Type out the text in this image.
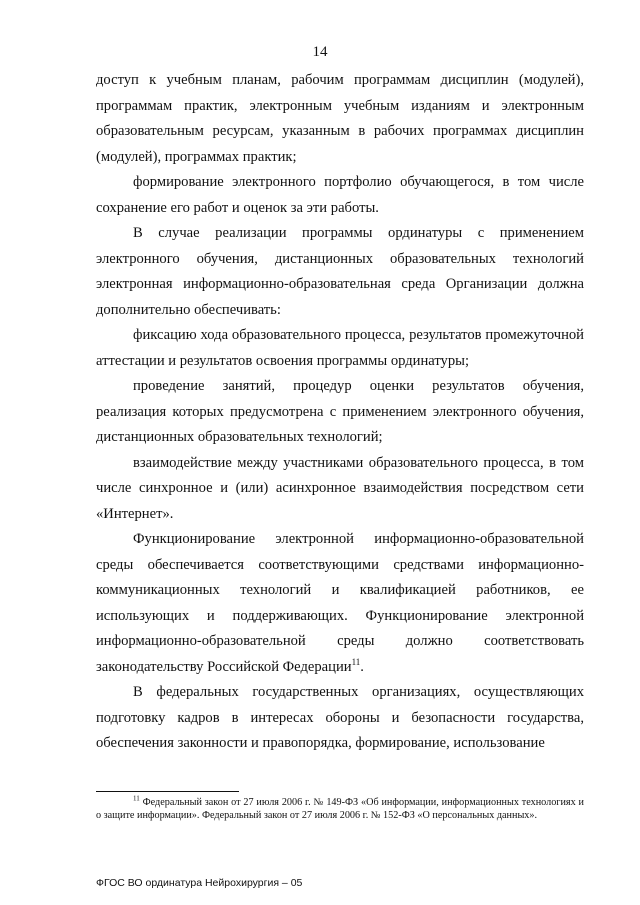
14

доступ к учебным планам, рабочим программам дисциплин (модулей), программам практик, электронным учебным изданиям и электронным образовательным ресурсам, указанным в рабочих программах дисциплин (модулей), программах практик;

формирование электронного портфолио обучающегося, в том числе сохранение его работ и оценок за эти работы.

В случае реализации программы ординатуры с применением электронного обучения, дистанционных образовательных технологий электронная информационно-образовательная среда Организации должна дополнительно обеспечивать:

фиксацию хода образовательного процесса, результатов промежуточной аттестации и результатов освоения программы ординатуры;

проведение занятий, процедур оценки результатов обучения, реализация которых предусмотрена с применением электронного обучения, дистанционных образовательных технологий;

взаимодействие между участниками образовательного процесса, в том числе синхронное и (или) асинхронное взаимодействия посредством сети «Интернет».

Функционирование электронной информационно-образовательной среды обеспечивается соответствующими средствами информационно-коммуникационных технологий и квалификацией работников, ее использующих и поддерживающих. Функционирование электронной информационно-образовательной среды должно соответствовать законодательству Российской Федерации$^{11}$.

В федеральных государственных организациях, осуществляющих подготовку кадров в интересах обороны и безопасности государства, обеспечения законности и правопорядка, формирование, использование

$^{11}$ Федеральный закон от 27 июля 2006 г. № 149-ФЗ «Об информации, информационных технологиях и о защите информации». Федеральный закон от 27 июля 2006 г. № 152-ФЗ «О персональных данных».
ФГОС ВО ординатура Нейрохирургия – 05
